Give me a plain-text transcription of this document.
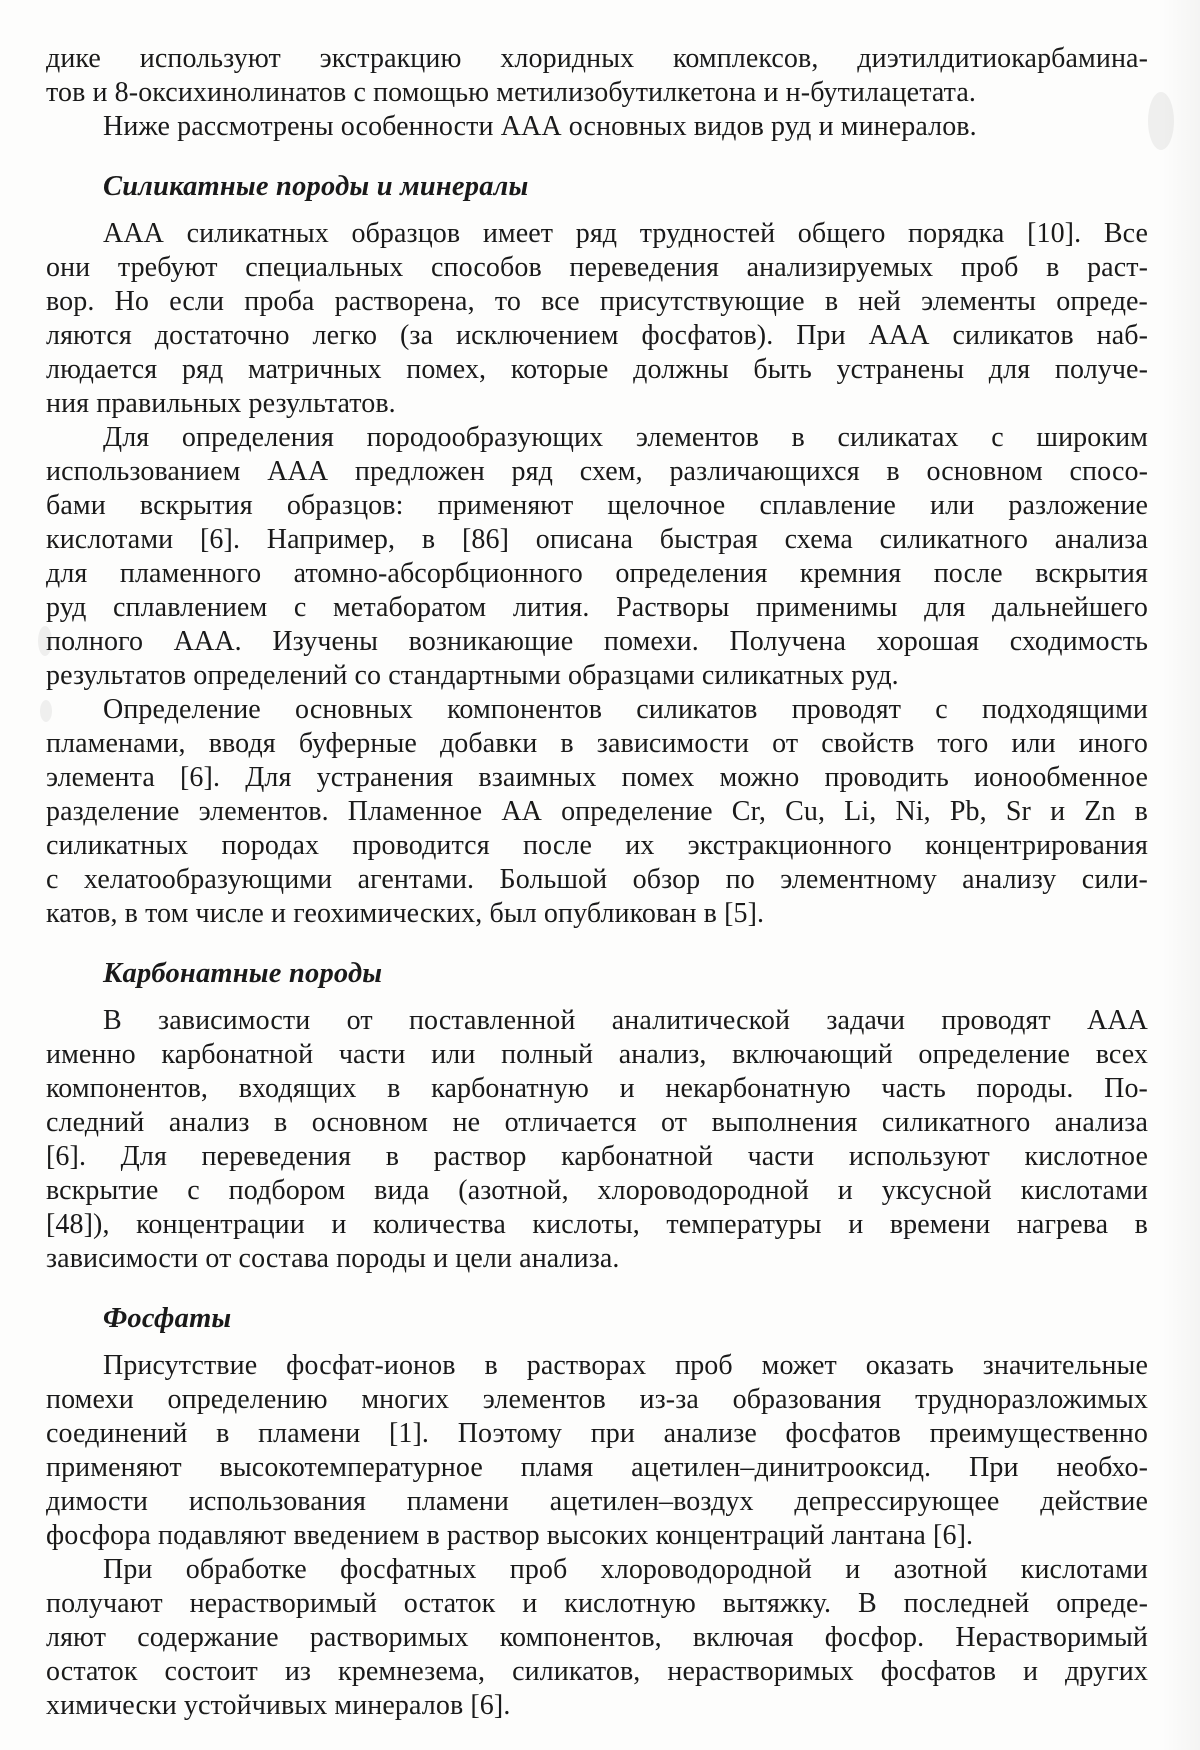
дике используют экстракцию хлоридных комплексов, диэтилдитиокарбамина-
тов и 8-оксихинолинатов с помощью метилизобутилкетона и н-бутилацетата.
Ниже рассмотрены особенности ААА основных видов руд и минералов.
Силикатные породы и минералы
ААА силикатных образцов имеет ряд трудностей общего порядка [10]. Все
они требуют специальных способов переведения анализируемых проб в раст-
вор. Но если проба растворена, то все присутствующие в ней элементы опреде-
ляются достаточно легко (за исключением фосфатов). При ААА силикатов наб-
людается ряд матричных помех, которые должны быть устранены для получе-
ния правильных результатов.
Для определения породообразующих элементов в силикатах с широким
использованием ААА предложен ряд схем, различающихся в основном спосо-
бами вскрытия образцов: применяют щелочное сплавление или разложение
кислотами [6]. Например, в [86] описана быстрая схема силикатного анализа
для пламенного атомно-абсорбционного определения кремния после вскрытия
руд сплавлением с метаборатом лития. Растворы применимы для дальнейшего
полного ААА. Изучены возникающие помехи. Получена хорошая сходимость
результатов определений со стандартными образцами силикатных руд.
Определение основных компонентов силикатов проводят с подходящими
пламенами, вводя буферные добавки в зависимости от свойств того или иного
элемента [6]. Для устранения взаимных помех можно проводить ионообменное
разделение элементов. Пламенное АА определение Cr, Cu, Li, Ni, Pb, Sr и Zn в
силикатных породах проводится после их экстракционного концентрирования
с хелатообразующими агентами. Большой обзор по элементному анализу сили-
катов, в том числе и геохимических, был опубликован в [5].
Карбонатные породы
В зависимости от поставленной аналитической задачи проводят ААА
именно карбонатной части или полный анализ, включающий определение всех
компонентов, входящих в карбонатную и некарбонатную часть породы. По-
следний анализ в основном не отличается от выполнения силикатного анализа
[6]. Для переведения в раствор карбонатной части используют кислотное
вскрытие с подбором вида (азотной, хлороводородной и уксусной кислотами
[48]), концентрации и количества кислоты, температуры и времени нагрева в
зависимости от состава породы и цели анализа.
Фосфаты
Присутствие фосфат-ионов в растворах проб может оказать значительные
помехи определению многих элементов из-за образования трудноразложимых
соединений в пламени [1]. Поэтому при анализе фосфатов преимущественно
применяют высокотемпературное пламя ацетилен–динитрооксид. При необхо-
димости использования пламени ацетилен–воздух депрессирующее действие
фосфора подавляют введением в раствор высоких концентраций лантана [6].
При обработке фосфатных проб хлороводородной и азотной кислотами
получают нерастворимый остаток и кислотную вытяжку. В последней опреде-
ляют содержание растворимых компонентов, включая фосфор. Нерастворимый
остаток состоит из кремнезема, силикатов, нерастворимых фосфатов и других
химически устойчивых минералов [6].
